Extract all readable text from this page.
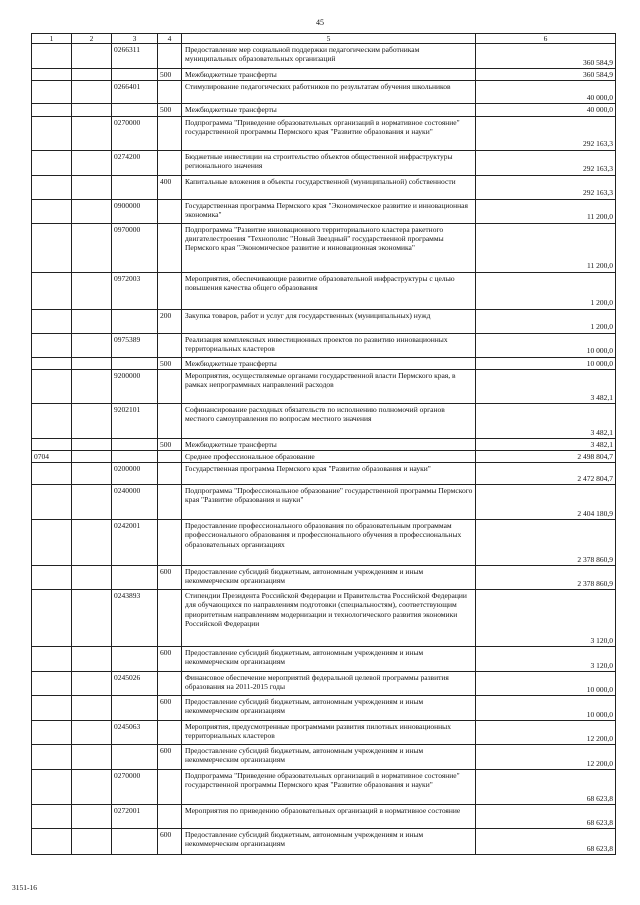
45
1	2	3	4	5	6
		0266311		Предоставление мер социальной поддержки педагогическим работникам муниципальных образовательных организаций	360 584,9
			500	Межбюджетные трансферты	360 584,9
		0266401		Стимулирование педагогических работников по результатам обучения школьников	40 000,0
			500	Межбюджетные трансферты	40 000,0
		0270000		Подпрограмма "Приведение образовательных организаций в нормативное состояние" государственной программы Пермского края "Развитие образования и науки"	292 163,3
		0274200		Бюджетные инвестиции на строительство объектов общественной инфраструктуры регионального значения	292 163,3
			400	Капитальные вложения в объекты государственной (муниципальной) собственности	292 163,3
		0900000		Государственная программа Пермского края "Экономическое развитие и инновационная экономика"	11 200,0
		0970000		Подпрограмма "Развитие инновационного территориального кластера ракетного двигателестроения "Технополис "Новый Звездный" государственной программы Пермского края "Экономическое развитие и инновационная экономика"	11 200,0
		0972003		Мероприятия, обеспечивающие развитие образовательной инфраструктуры с целью повышения качества общего образования	1 200,0
			200	Закупка товаров, работ и услуг для государственных (муниципальных) нужд	1 200,0
		0975389		Реализация комплексных инвестиционных проектов по развитию инновационных территориальных кластеров	10 000,0
			500	Межбюджетные трансферты	10 000,0
		9200000		Мероприятия, осуществляемые органами государственной власти Пермского края, в рамках непрограммных направлений расходов	3 482,1
		9202101		Софинансирование расходных обязательств по исполнению полномочий органов местного самоуправления по вопросам местного значения	3 482,1
			500	Межбюджетные трансферты	3 482,1
0704				Среднее профессиональное образование	2 498 804,7
		0200000		Государственная программа Пермского края "Развитие образования и науки"	2 472 804,7
		0240000		Подпрограмма "Профессиональное образование" государственной программы Пермского края "Развитие образования и науки"	2 404 180,9
		0242001		Предоставление профессионального образования по образовательным программам профессионального образования и профессионального обучения в профессиональных образовательных организациях	2 378 860,9
			600	Предоставление субсидий бюджетным, автономным учреждениям и иным некоммерческим организациям	2 378 860,9
		0243893		Стипендии Президента Российской Федерации и Правительства Российской Федерации для обучающихся по направлениям подготовки (специальностям), соответствующим приоритетным направлениям модернизации и технологического развития экономики Российской Федерации	3 120,0
			600	Предоставление субсидий бюджетным, автономным учреждениям и иным некоммерческим организациям	3 120,0
		0245026		Финансовое обеспечение мероприятий федеральной целевой программы развития образования на 2011-2015 годы	10 000,0
			600	Предоставление субсидий бюджетным, автономным учреждениям и иным некоммерческим организациям	10 000,0
		0245063		Мероприятия, предусмотренные программами развития пилотных инновационных территориальных кластеров	12 200,0
			600	Предоставление субсидий бюджетным, автономным учреждениям и иным некоммерческим организациям	12 200,0
		0270000		Подпрограмма "Приведение образовательных организаций в нормативное состояние" государственной программы Пермского края "Развитие образования и науки"	68 623,8
		0272001		Мероприятия по приведению образовательных организаций в нормативное состояние	68 623,8
			600	Предоставление субсидий бюджетным, автономным учреждениям и иным некоммерческим организациям	68 623,8
3151-16
